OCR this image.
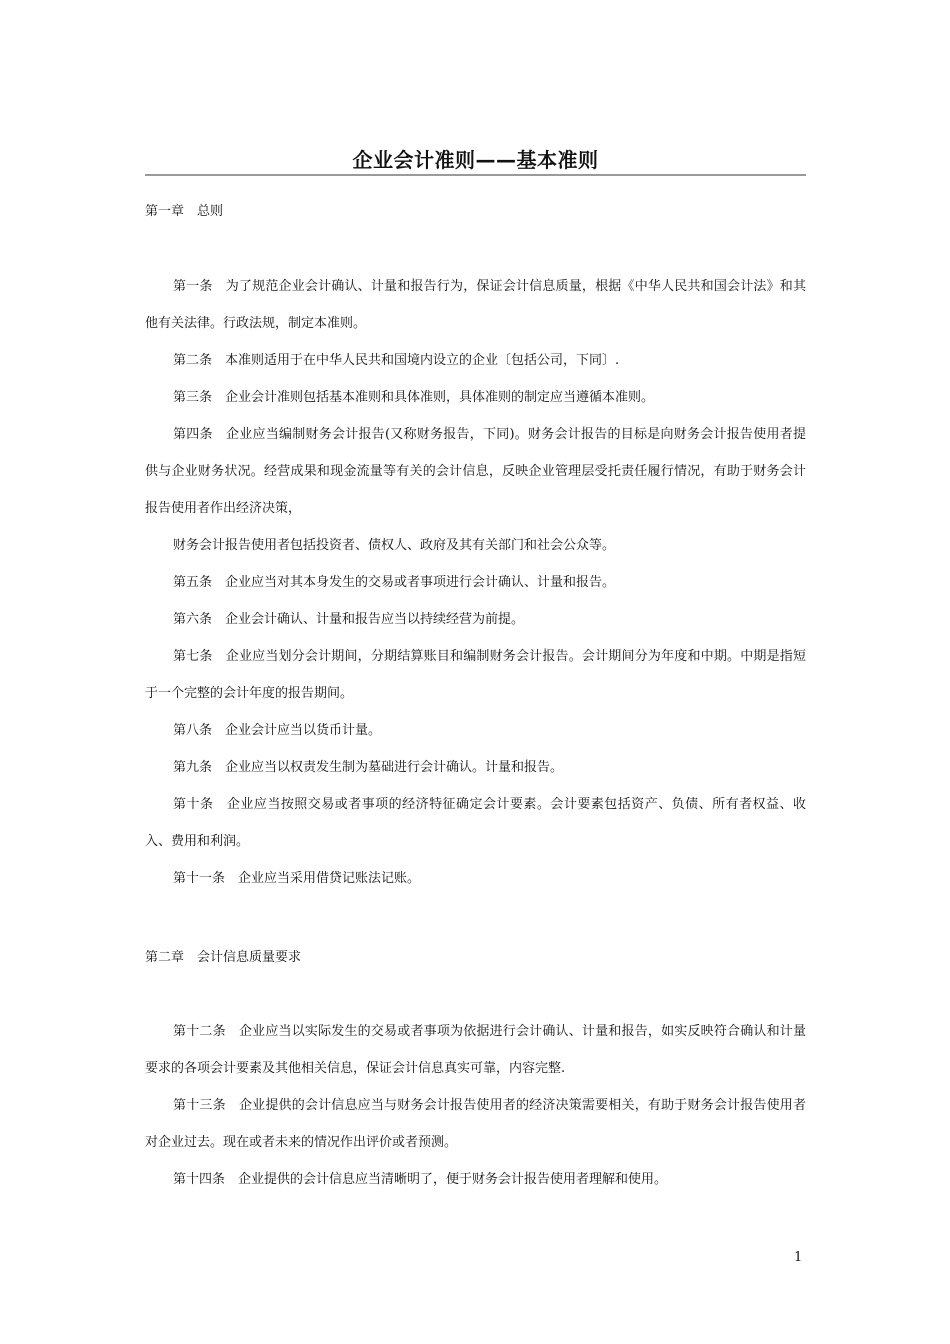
企业会计准则——基本准则
第一章　总则
第一条　为了规范企业会计确认、计量和报告行为，保证会计信息质量，根据《中华人民共和国会计法》和其他有关法律。行政法规，制定本准则。
第二条　本准则适用于在中华人民共和国境内设立的企业〔包括公司，下同〕.
第三条　企业会计准则包括基本准则和具体准则，具体准则的制定应当遵循本准则。
第四条　企业应当编制财务会计报告(又称财务报告，下同)。财务会计报告的目标是向财务会计报告使用者提供与企业财务状况。经营成果和现金流量等有关的会计信息，反映企业管理层受托责任履行情况，有助于财务会计报告使用者作出经济决策，
财务会计报告使用者包括投资者、债权人、政府及其有关部门和社会公众等。
第五条　企业应当对其本身发生的交易或者事项进行会计确认、计量和报告。
第六条　企业会计确认、计量和报告应当以持续经营为前提。
第七条　企业应当划分会计期间，分期结算账目和编制财务会计报告。会计期间分为年度和中期。中期是指短于一个完整的会计年度的报告期间。
第八条　企业会计应当以货币计量。
第九条　企业应当以权责发生制为墓础进行会计确认。计量和报告。
第十条　企业应当按照交易或者事项的经济特征确定会计要素。会计要素包括资产、负债、所有者权益、收入、费用和利润。
第十一条　企业应当采用借贷记账法记账。
第二章　会计信息质量要求
第十二条　企业应当以实际发生的交易或者事项为依据进行会计确认、计量和报告，如实反映符合确认和计量要求的各项会计要素及其他相关信息，保证会计信息真实可靠，内容完整.
第十三条　企业提供的会计信息应当与财务会计报告使用者的经济决策需要相关，有助于财务会计报告使用者对企业过去。现在或者未来的情况作出评价或者预测。
第十四条　企业提供的会计信息应当清晰明了，便于财务会计报告使用者理解和使用。
1
